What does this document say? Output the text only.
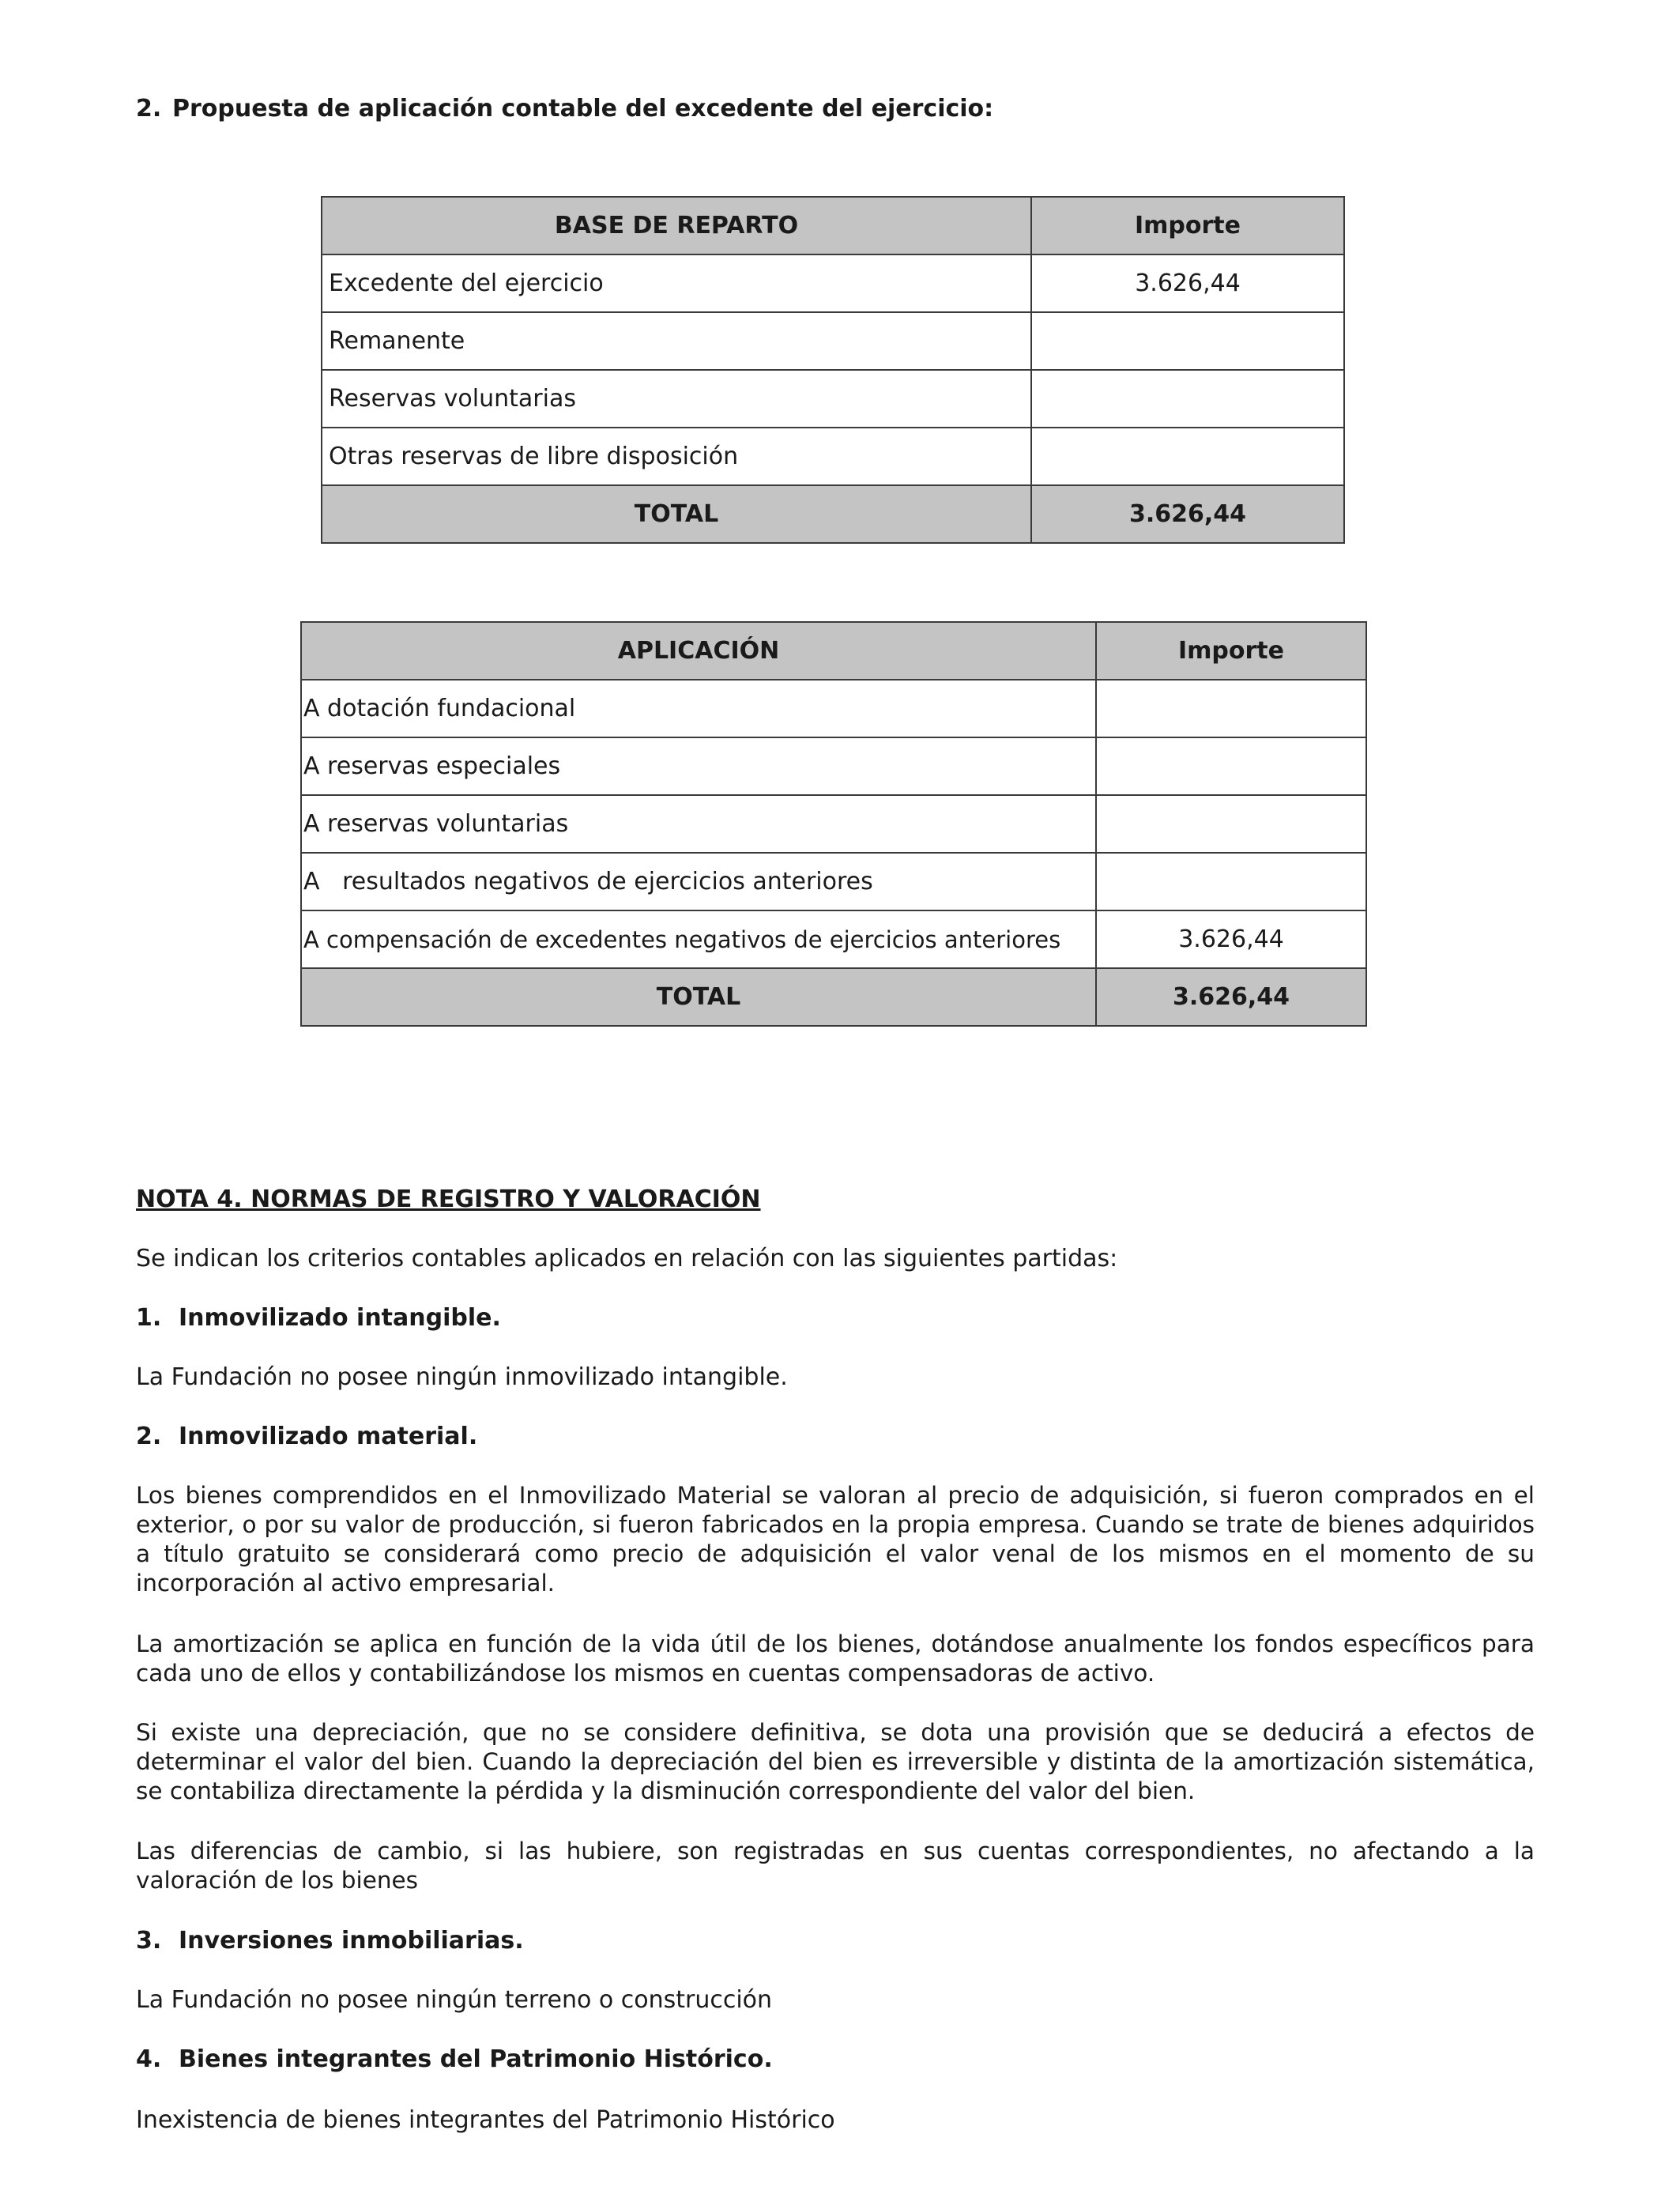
2. Propuesta de aplicación contable del excedente del ejercicio:
BASE DE REPARTO	Importe
Excedente del ejercicio	3.626,44
Remanente	
Reservas voluntarias	
Otras reservas de libre disposición	
TOTAL	3.626,44
APLICACIÓN	Importe
A dotación fundacional	
A reservas especiales	
A reservas voluntarias	
A   resultados negativos de ejercicios anteriores	
A compensación de excedentes negativos de ejercicios anteriores	3.626,44
TOTAL	3.626,44
NOTA 4. NORMAS DE REGISTRO Y VALORACIÓN
Se indican los criterios contables aplicados en relación con las siguientes partidas:
1. Inmovilizado intangible.
La Fundación no posee ningún inmovilizado intangible.
2. Inmovilizado material.
Los bienes comprendidos en el Inmovilizado Material se valoran al precio de adquisición, si fueron comprados en el exterior, o por su valor de producción, si fueron fabricados en la propia empresa. Cuando se trate de bienes adquiridos a título gratuito se considerará como precio de adquisición el valor venal de los mismos en el momento de su incorporación al activo empresarial.
La amortización se aplica en función de la vida útil de los bienes, dotándose anualmente los fondos específicos para cada uno de ellos y contabilizándose los mismos en cuentas compensadoras de activo.
Si existe una depreciación, que no se considere definitiva, se dota una provisión que se deducirá a efectos de determinar el valor del bien. Cuando la depreciación del bien es irreversible y distinta de la amortización sistemática, se contabiliza directamente la pérdida y la disminución correspondiente del valor del bien.
Las diferencias de cambio, si las hubiere, son registradas en sus cuentas correspondientes, no afectando a la valoración de los bienes
3. Inversiones inmobiliarias.
La Fundación no posee ningún terreno o construcción
4. Bienes integrantes del Patrimonio Histórico.
Inexistencia de bienes integrantes del Patrimonio Histórico
